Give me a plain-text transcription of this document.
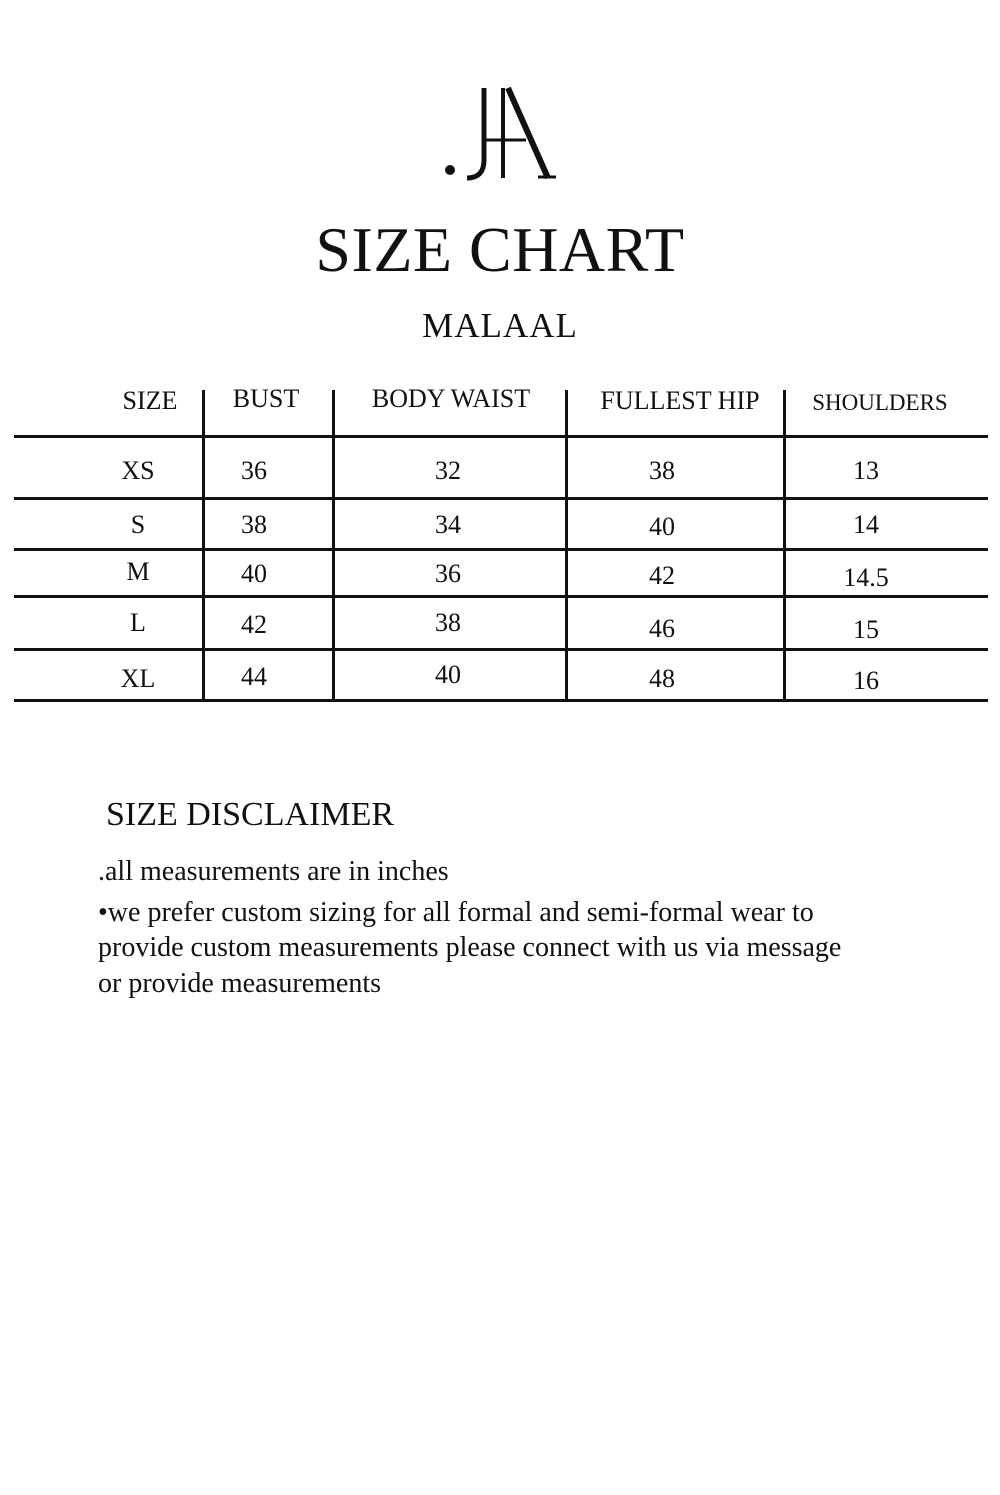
SIZE CHART
MALAAL
SIZE	BUST	BODY WAIST	FULLEST HIP	SHOULDERS
XS	36	32	38	13
S	38	34	40	14
M	40	36	42	14.5
L	42	38	46	15
XL	44	40	48	16
SIZE DISCLAIMER
.all measurements are in inches
•we prefer custom sizing for all formal and semi-formal wear to
provide custom measurements please connect with us via message
or provide measurements
